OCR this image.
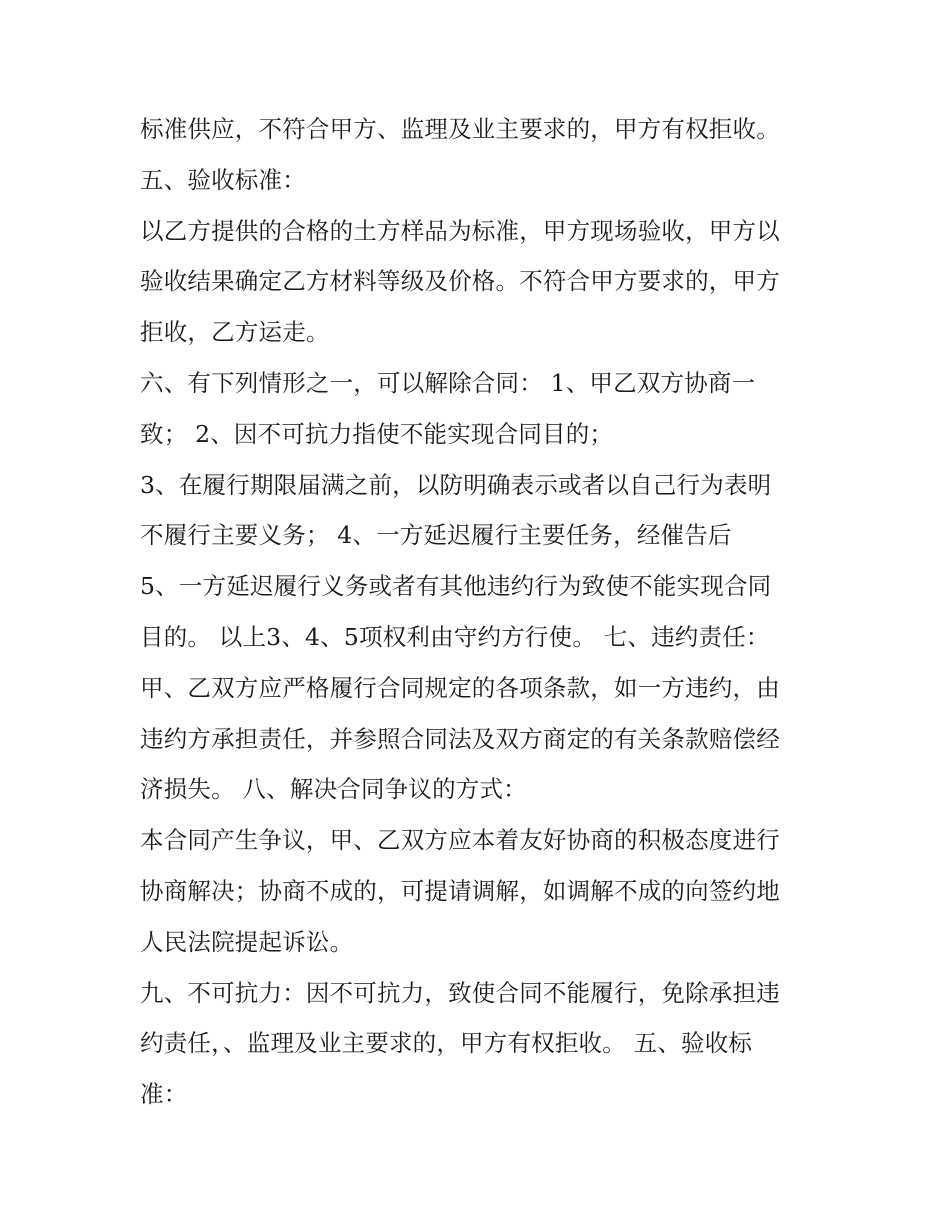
标准供应，不符合甲方、监理及业主要求的，甲方有权拒收。
五、验收标准：
以乙方提供的合格的土方样品为标准，甲方现场验收，甲方以
验收结果确定乙方材料等级及价格。不符合甲方要求的，甲方
拒收，乙方运走。
六、有下列情形之一，可以解除合同： 1、甲乙双方协商一
致； 2、因不可抗力指使不能实现合同目的；
3、在履行期限届满之前，以防明确表示或者以自己行为表明
不履行主要义务； 4、一方延迟履行主要任务，经催告后
5、一方延迟履行义务或者有其他违约行为致使不能实现合同
目的。 以上3、4、5项权利由守约方行使。 七、违约责任：
甲、乙双方应严格履行合同规定的各项条款，如一方违约，由
违约方承担责任，并参照合同法及双方商定的有关条款赔偿经
济损失。 八、解决合同争议的方式：
本合同产生争议，甲、乙双方应本着友好协商的积极态度进行
协商解决；协商不成的，可提请调解，如调解不成的向签约地
人民法院提起诉讼。
九、不可抗力：因不可抗力，致使合同不能履行，免除承担违
约责任，、监理及业主要求的，甲方有权拒收。 五、验收标
准：
